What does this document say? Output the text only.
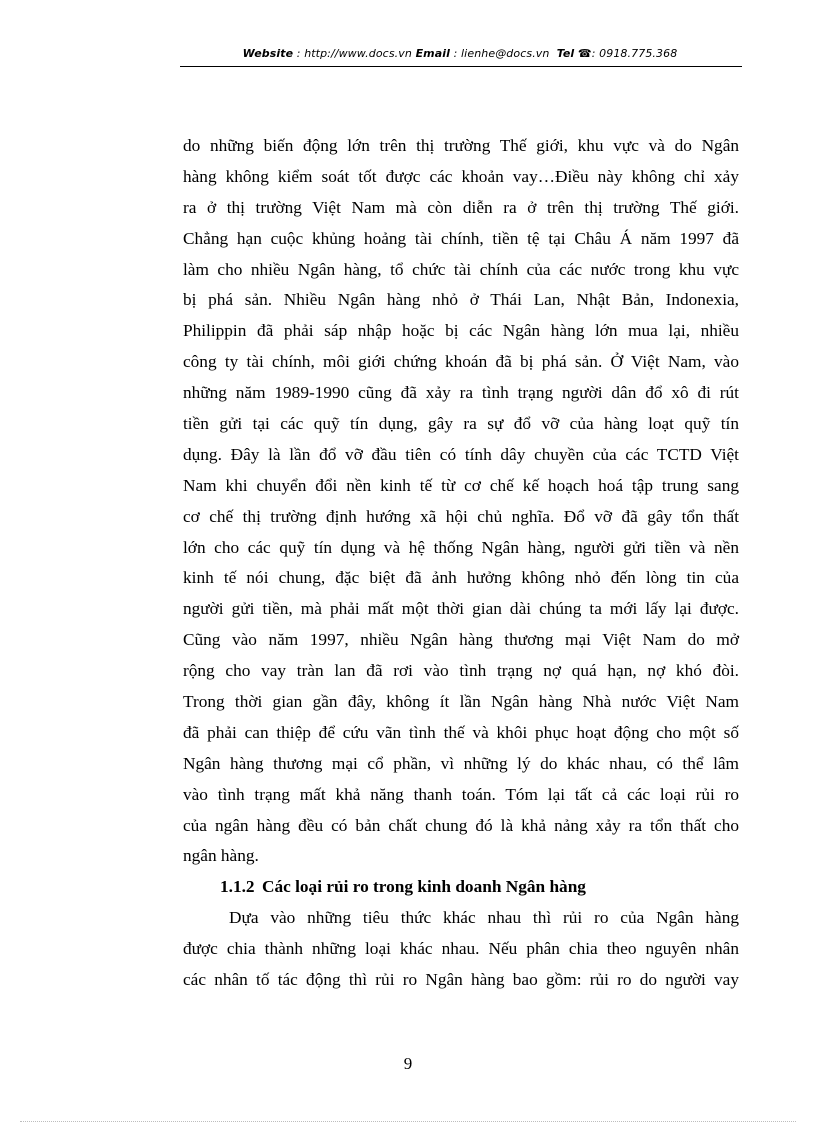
Website : http://www.docs.vn Email : lienhe@docs.vn Tel ☎: 0918.775.368
do những biến động lớn trên thị trường Thế giới, khu vực và do Ngân
hàng không kiểm soát tốt được các khoản vay…Điều này không chỉ xảy
ra ở thị trường Việt Nam mà còn diễn ra ở trên thị trường Thế giới.
Chẳng hạn cuộc khủng hoảng tài chính, tiền tệ tại Châu Á năm 1997 đã
làm cho nhiều Ngân hàng, tổ chức tài chính của các nước trong khu vực
bị phá sản. Nhiều Ngân hàng nhỏ ở Thái Lan, Nhật Bản, Indonexia,
Philippin đã phải sáp nhập hoặc bị các Ngân hàng lớn mua lại, nhiều
công ty tài chính, môi giới chứng khoán đã bị phá sản. Ở Việt Nam, vào
những năm 1989-1990 cũng đã xảy ra tình trạng người dân đổ xô đi rút
tiền gửi tại các quỹ tín dụng, gây ra sự đổ vỡ của hàng loạt quỹ tín
dụng. Đây là lần đổ vỡ đầu tiên có tính dây chuyền của các TCTD Việt
Nam khi chuyển đổi nền kinh tế từ cơ chế kế hoạch hoá tập trung sang
cơ chế thị trường định hướng xã hội chủ nghĩa. Đổ vỡ đã gây tổn thất
lớn cho các quỹ tín dụng và hệ thống Ngân hàng, người gửi tiền và nền
kinh tế nói chung, đặc biệt đã ảnh hưởng không nhỏ đến lòng tin của
người gửi tiền, mà phải mất một thời gian dài chúng ta mới lấy lại được.
Cũng vào năm 1997, nhiều Ngân hàng thương mại Việt Nam do mở
rộng cho vay tràn lan đã rơi vào tình trạng nợ quá hạn, nợ khó đòi.
Trong thời gian gần đây, không ít lần Ngân hàng Nhà nước Việt Nam
đã phải can thiệp để cứu vãn tình thế và khôi phục hoạt động cho một số
Ngân hàng thương mại cổ phần, vì những lý do khác nhau, có thể lâm
vào tình trạng mất khả năng thanh toán. Tóm lại tất cả các loại rủi ro
của ngân hàng đều có bản chất chung đó là khả nảng xảy ra tổn thất cho
ngân hàng.
1.1.2 Các loại rủi ro trong kinh doanh Ngân hàng
Dựa vào những tiêu thức khác nhau thì rủi ro của Ngân hàng
được chia thành những loại khác nhau. Nếu phân chia theo nguyên nhân
các nhân tố tác động thì rủi ro Ngân hàng bao gồm: rủi ro do người vay
9
